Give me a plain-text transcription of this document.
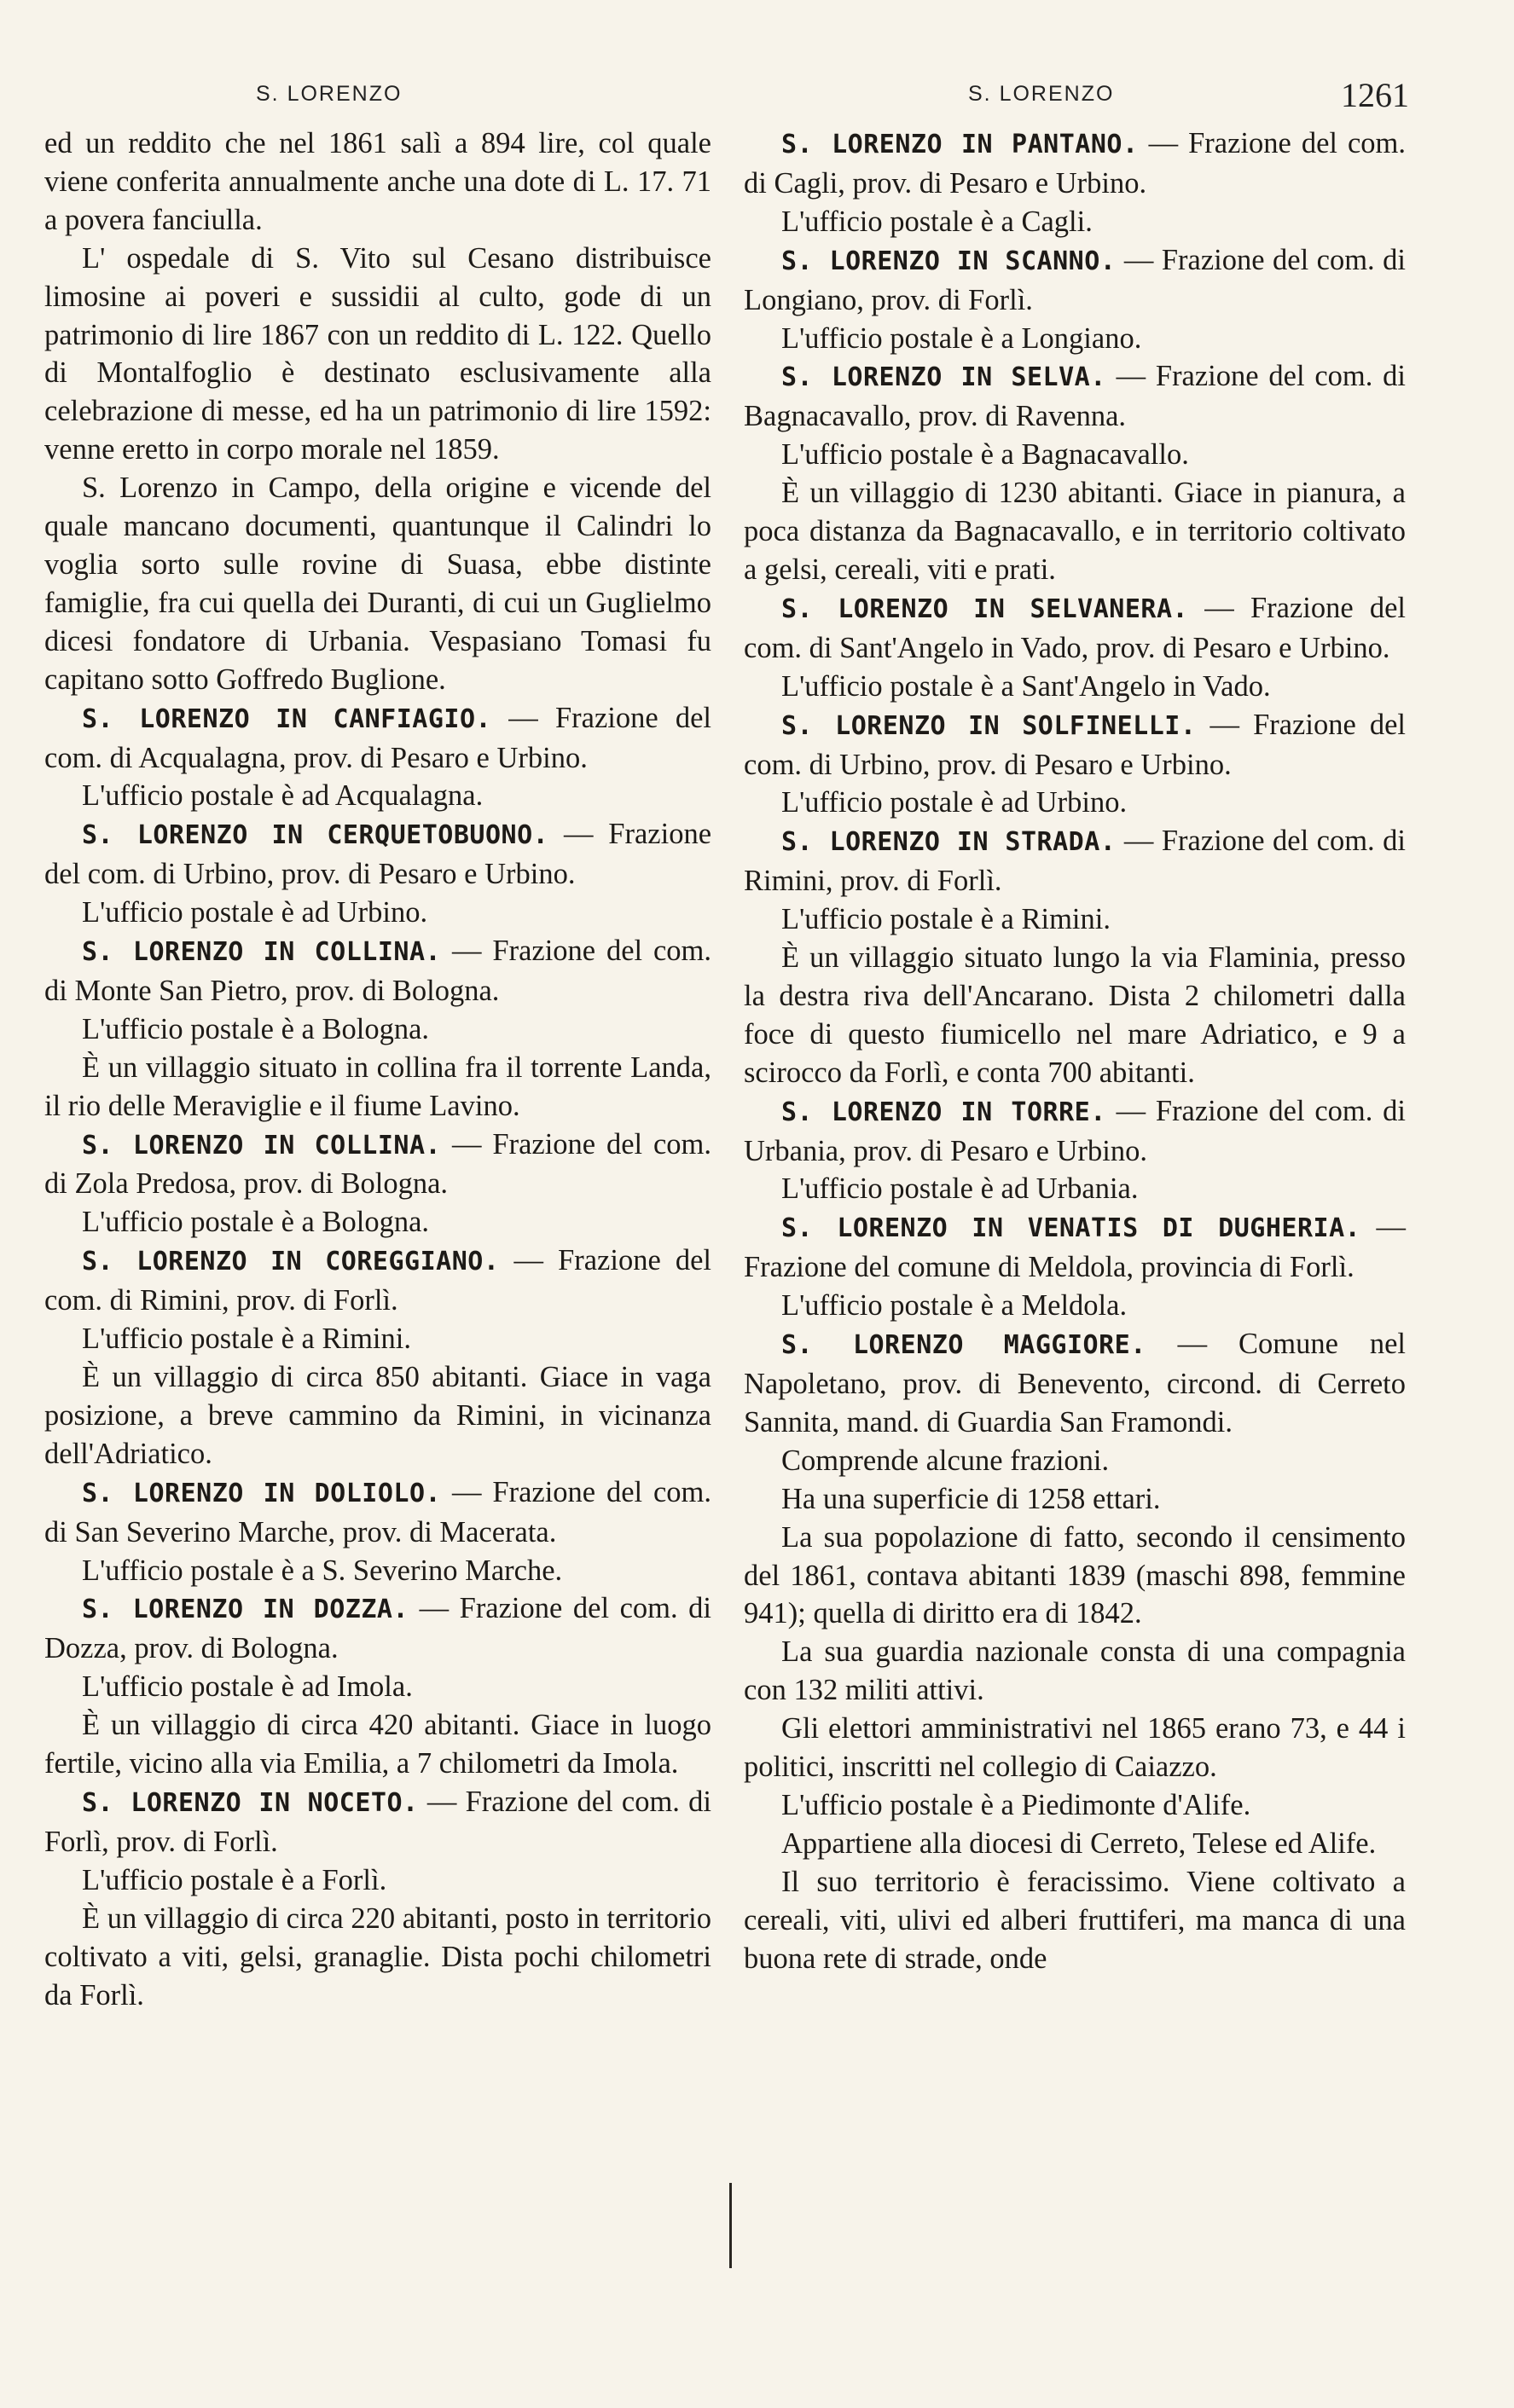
S. LORENZO	S. LORENZO	1261

ed un reddito che nel 1861 salì a 894 lire, col quale viene conferita annualmente anche una dote di L. 17. 71 a povera fanciulla.

L' ospedale di S. Vito sul Cesano distribuisce limosine ai poveri e sussidii al culto, gode di un patrimonio di lire 1867 con un reddito di L. 122. Quello di Montalfoglio è destinato esclusivamente alla celebrazione di messe, ed ha un patrimonio di lire 1592: venne eretto in corpo morale nel 1859.

S. Lorenzo in Campo, della origine e vicende del quale mancano documenti, quantunque il Calindri lo voglia sorto sulle rovine di Suasa, ebbe distinte famiglie, fra cui quella dei Duranti, di cui un Guglielmo dicesi fondatore di Urbania. Vespasiano Tomasi fu capitano sotto Goffredo Buglione.

S. LORENZO IN CANFIAGIO. — Frazione del com. di Acqualagna, prov. di Pesaro e Urbino.

L'ufficio postale è ad Acqualagna.

S. LORENZO IN CERQUETOBUONO. — Frazione del com. di Urbino, prov. di Pesaro e Urbino.

L'ufficio postale è ad Urbino.

S. LORENZO IN COLLINA. — Frazione del com. di Monte San Pietro, prov. di Bologna.

L'ufficio postale è a Bologna.

È un villaggio situato in collina fra il torrente Landa, il rio delle Meraviglie e il fiume Lavino.

S. LORENZO IN COLLINA. — Frazione del com. di Zola Predosa, prov. di Bologna.

L'ufficio postale è a Bologna.

S. LORENZO IN COREGGIANO. — Frazione del com. di Rimini, prov. di Forlì.

L'ufficio postale è a Rimini.

È un villaggio di circa 850 abitanti. Giace in vaga posizione, a breve cammino da Rimini, in vicinanza dell'Adriatico.

S. LORENZO IN DOLIOLO. — Frazione del com. di San Severino Marche, prov. di Macerata.

L'ufficio postale è a S. Severino Marche.

S. LORENZO IN DOZZA. — Frazione del com. di Dozza, prov. di Bologna.

L'ufficio postale è ad Imola.

È un villaggio di circa 420 abitanti. Giace in luogo fertile, vicino alla via Emilia, a 7 chilometri da Imola.

S. LORENZO IN NOCETO. — Frazione del com. di Forlì, prov. di Forlì.

L'ufficio postale è a Forlì.

È un villaggio di circa 220 abitanti, posto in territorio coltivato a viti, gelsi, granaglie. Dista pochi chilometri da Forlì.

S. LORENZO IN PANTANO. — Frazione del com. di Cagli, prov. di Pesaro e Urbino.

L'ufficio postale è a Cagli.

S. LORENZO IN SCANNO. — Frazione del com. di Longiano, prov. di Forlì.

L'ufficio postale è a Longiano.

S. LORENZO IN SELVA. — Frazione del com. di Bagnacavallo, prov. di Ravenna.

L'ufficio postale è a Bagnacavallo.

È un villaggio di 1230 abitanti. Giace in pianura, a poca distanza da Bagnacavallo, e in territorio coltivato a gelsi, cereali, viti e prati.

S. LORENZO IN SELVANERA. — Frazione del com. di Sant'Angelo in Vado, prov. di Pesaro e Urbino.

L'ufficio postale è a Sant'Angelo in Vado.

S. LORENZO IN SOLFINELLI. — Frazione del com. di Urbino, prov. di Pesaro e Urbino.

L'ufficio postale è ad Urbino.

S. LORENZO IN STRADA. — Frazione del com. di Rimini, prov. di Forlì.

L'ufficio postale è a Rimini.

È un villaggio situato lungo la via Flaminia, presso la destra riva dell'Ancarano. Dista 2 chilometri dalla foce di questo fiumicello nel mare Adriatico, e 9 a scirocco da Forlì, e conta 700 abitanti.

S. LORENZO IN TORRE. — Frazione del com. di Urbania, prov. di Pesaro e Urbino.

L'ufficio postale è ad Urbania.

S. LORENZO IN VENATIS DI DUGHERIA. — Frazione del comune di Meldola, provincia di Forlì.

L'ufficio postale è a Meldola.

S. LORENZO MAGGIORE. — Comune nel Napoletano, prov. di Benevento, circond. di Cerreto Sannita, mand. di Guardia San Framondi.

Comprende alcune frazioni.

Ha una superficie di 1258 ettari.

La sua popolazione di fatto, secondo il censimento del 1861, contava abitanti 1839 (maschi 898, femmine 941); quella di diritto era di 1842.

La sua guardia nazionale consta di una compagnia con 132 militi attivi.

Gli elettori amministrativi nel 1865 erano 73, e 44 i politici, inscritti nel collegio di Caiazzo.

L'ufficio postale è a Piedimonte d'Alife.

Appartiene alla diocesi di Cerreto, Telese ed Alife.

Il suo territorio è feracissimo. Viene coltivato a cereali, viti, ulivi ed alberi fruttiferi, ma manca di una buona rete di strade, onde
